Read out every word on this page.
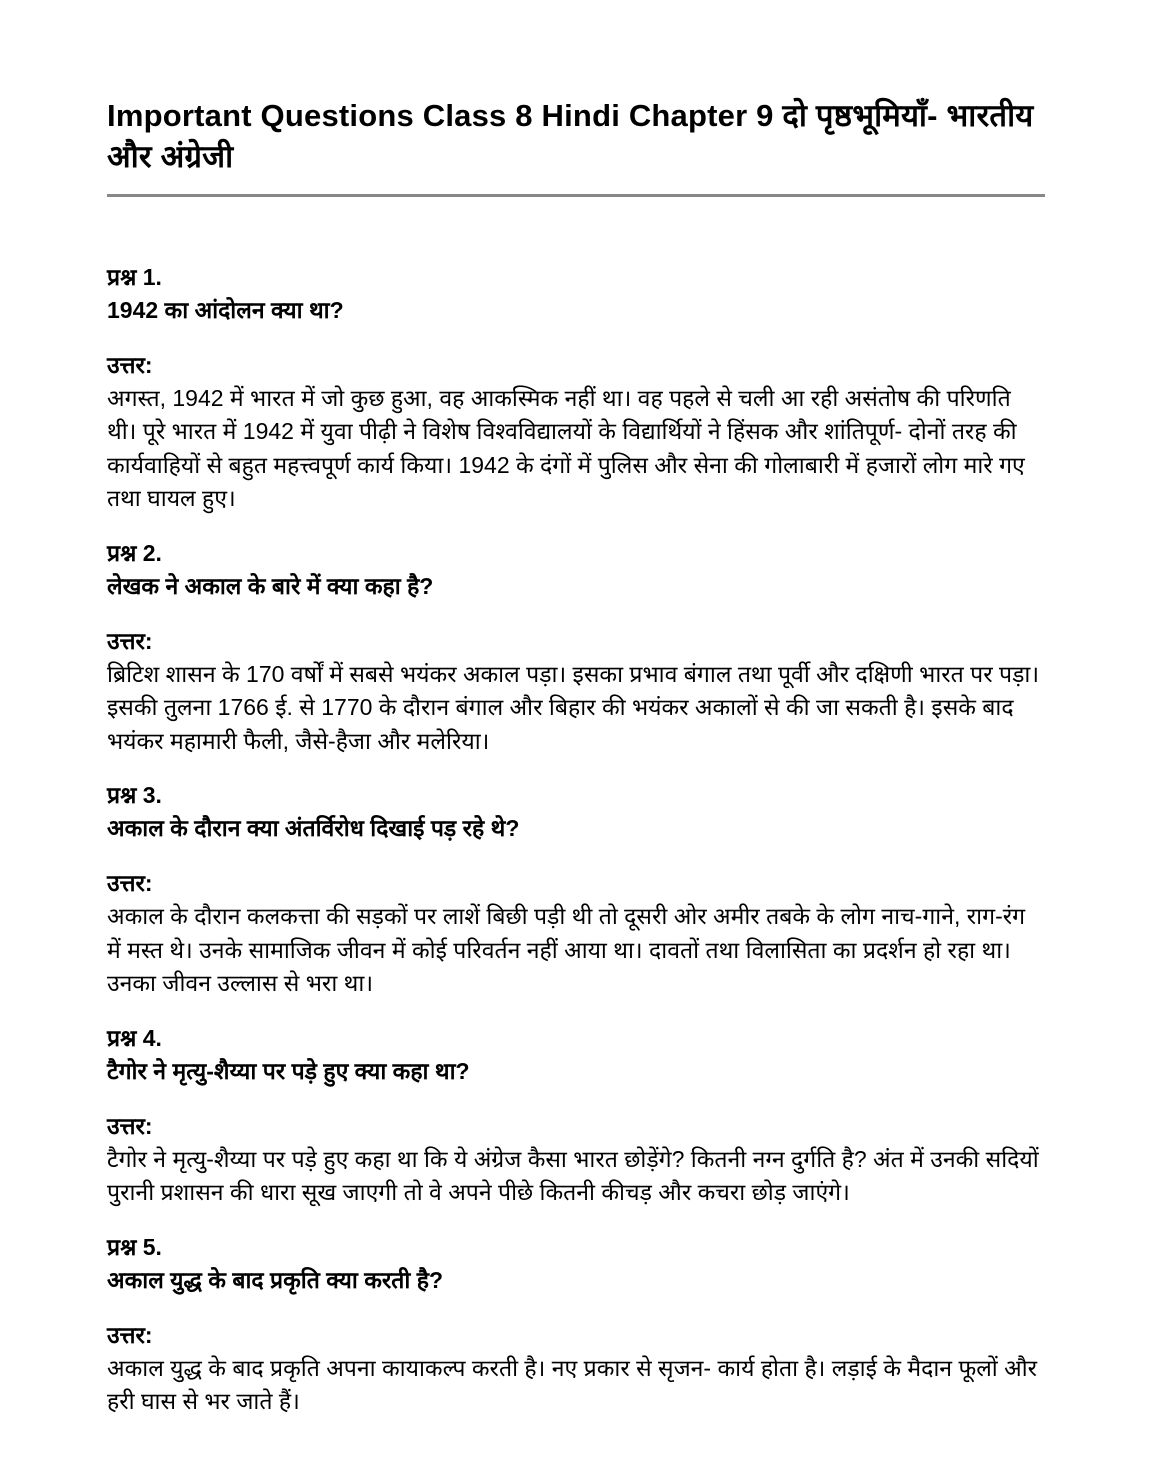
Important Questions Class 8 Hindi Chapter 9 दो पृष्ठभूमियाँ- भारतीय और अंग्रेजी

प्रश्न 1.

1942 का आंदोलन क्या था?

उत्तर:

अगस्त, 1942 में भारत में जो कुछ हुआ, वह आकस्मिक नहीं था। वह पहले से चली आ रही असंतोष की परिणति थी। पूरे भारत में 1942 में युवा पीढ़ी ने विशेष विश्वविद्यालयों के विद्यार्थियों ने हिंसक और शांतिपूर्ण- दोनों तरह की कार्यवाहियों से बहुत महत्त्वपूर्ण कार्य किया। 1942 के दंगों में पुलिस और सेना की गोलाबारी में हजारों लोग मारे गए तथा घायल हुए।

प्रश्न 2.

लेखक ने अकाल के बारे में क्या कहा है?

उत्तर:

ब्रिटिश शासन के 170 वर्षों में सबसे भयंकर अकाल पड़ा। इसका प्रभाव बंगाल तथा पूर्वी और दक्षिणी भारत पर पड़ा। इसकी तुलना 1766 ई. से 1770 के दौरान बंगाल और बिहार की भयंकर अकालों से की जा सकती है। इसके बाद भयंकर महामारी फैली, जैसे-हैजा और मलेरिया।

प्रश्न 3.

अकाल के दौरान क्या अंतर्विरोध दिखाई पड़ रहे थे?

उत्तर:

अकाल के दौरान कलकत्ता की सड़कों पर लाशें बिछी पड़ी थी तो दूसरी ओर अमीर तबके के लोग नाच-गाने, राग-रंग में मस्त थे। उनके सामाजिक जीवन में कोई परिवर्तन नहीं आया था। दावतों तथा विलासिता का प्रदर्शन हो रहा था। उनका जीवन उल्लास से भरा था।

प्रश्न 4.

टैगोर ने मृत्यु-शैय्या पर पड़े हुए क्या कहा था?

उत्तर:

टैगोर ने मृत्यु-शैय्या पर पड़े हुए कहा था कि ये अंग्रेज कैसा भारत छोड़ेंगे? कितनी नग्न दुर्गति है? अंत में उनकी सदियों पुरानी प्रशासन की धारा सूख जाएगी तो वे अपने पीछे कितनी कीचड़ और कचरा छोड़ जाएंगे।

प्रश्न 5.

अकाल युद्ध के बाद प्रकृति क्या करती है?

उत्तर:

अकाल युद्ध के बाद प्रकृति अपना कायाकल्प करती है। नए प्रकार से सृजन- कार्य होता है। लड़ाई के मैदान फूलों और हरी घास से भर जाते हैं।
